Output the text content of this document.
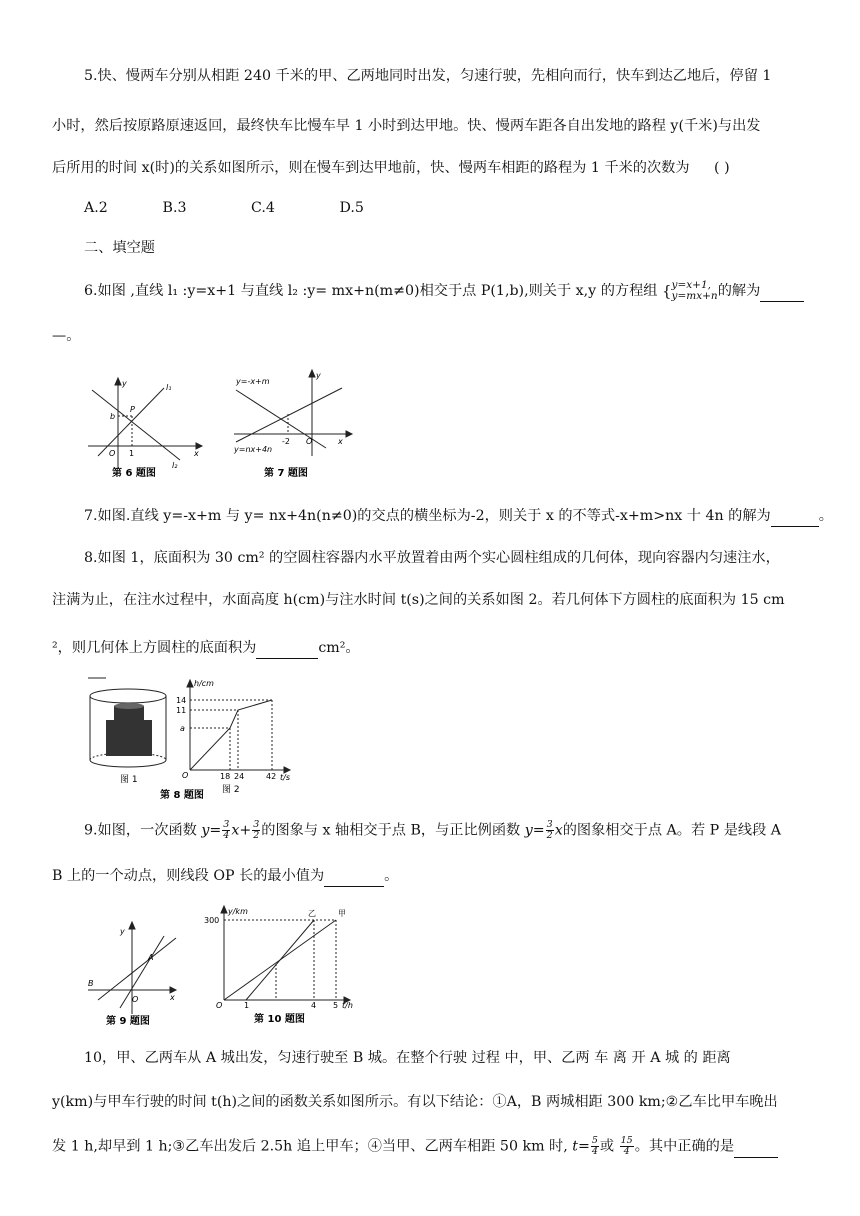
5.快、慢两车分别从相距 240 千米的甲、乙两地同时出发，匀速行驶，先相向而行，快车到达乙地后，停留 1
小时，然后按原路原速返回，最终快车比慢车早 1 小时到达甲地。快、慢两车距各自出发地的路程 y(千米)与出发
后所用的时间 x(时)的关系如图所示，则在慢车到达甲地前，快、慢两车相距的路程为 1 千米的次数为 ( )
A.2	B.3	C.4	D.5
二、填空题
6.如图 ,直线 l₁ :y=x+1 与直线 l₂ :y= mx+n(m≠0)相交于点 P(1,b),则关于 x,y 的方程组 { y=x+1,
y=mx+n 的解为
—。
y
x
O 1
b
P
l₁
l₂
第 6 题图
y=-x+m
y
x
O
-2
y=nx+4n
第 7 题图
7.如图.直线 y=-x+m 与 y= nx+4n(n≠0)的交点的横坐标为-2，则关于 x 的不等式-x+m>nx 十 4n 的解为	。
8.如图 1，底面积为 30 cm² 的空圆柱容器内水平放置着由两个实心圆柱组成的几何体，现向容器内匀速注水，
注满为止，在注水过程中，水面高度 h(cm)与注水时间 t(s)之间的关系如图 2。若几何体下方圆柱的底面积为 15 cm
²，则几何体上方圆柱的底面积为	cm²。
图 1
h/cm
14
11
a
O	18 24	42 t/s
图 2
第 8 题图
9.如图，一次函数 $y= \frac{3}{4} x+ \frac{3}{2}$ 的图象与 x 轴相交于点 B，与正比例函数 $y= \frac{3}{2}$ x的图象相交于点 A。若 P 是线段 A
B 上的一个动点，则线段 OP 长的最小值为	。
y
x
O
A
B
第 9 题图
y/km
300
O	1	4 5 t/h
乙	甲
第 10 题图
10，甲、乙两车从 A 城出发，匀速行驶至 B 城。在整个行驶 过程 中，甲、乙两 车 离 开 A 城 的 距离
y(km)与甲车行驶的时间 t(h)之间的函数关系如图所示。有以下结论：①A，B 两城相距 300 km;②乙车比甲车晚出
发 1 h,却早到 1 h;③乙车出发后 2.5h 追上甲车；④当甲、乙两车相距 50 km 时, $t= \frac{5}{4}$ 或 $\frac{15}{4}$ 。其中正确的是
